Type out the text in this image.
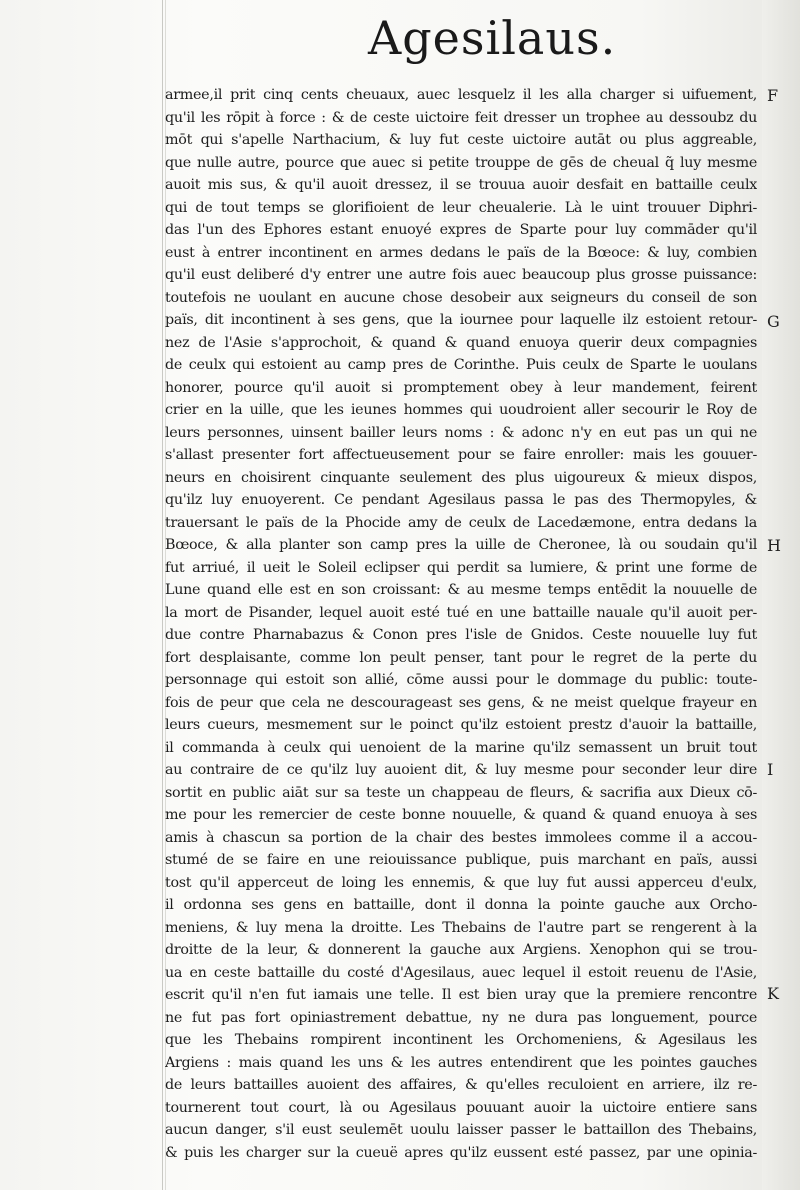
Agesilaus.
F
G
H
I
K
armee,il prit cinq cents cheuaux, auec lesquelz il les alla charger si uifuement,
qu'il les rōpit à force : & de ceste uictoire feit dresser un trophee au dessoubz du
mōt qui s'apelle Narthacium, & luy fut ceste uictoire autāt ou plus aggreable,
que nulle autre, pource que auec si petite trouppe de gēs de cheual q̃ luy mesme
auoit mis sus, & qu'il auoit dressez, il se trouua auoir desfait en battaille ceulx
qui de tout temps se glorifioient de leur cheualerie. Là le uint trouuer Diphri-
das l'un des Ephores estant enuoyé expres de Sparte pour luy commāder qu'il
eust à entrer incontinent en armes dedans le païs de la Bœoce: & luy, combien
qu'il eust deliberé d'y entrer une autre fois auec beaucoup plus grosse puissance:
toutefois ne uoulant en aucune chose desobeir aux seigneurs du conseil de son
païs, dit incontinent à ses gens, que la iournee pour laquelle ilz estoient retour-
nez de l'Asie s'approchoit, & quand & quand enuoya querir deux compagnies
de ceulx qui estoient au camp pres de Corinthe. Puis ceulx de Sparte le uoulans
honorer, pource qu'il auoit si promptement obey à leur mandement, feirent
crier en la uille, que les ieunes hommes qui uoudroient aller secourir le Roy de
leurs personnes, uinsent bailler leurs noms : & adonc n'y en eut pas un qui ne
s'allast presenter fort affectueusement pour se faire enroller: mais les gouuer-
neurs en choisirent cinquante seulement des plus uigoureux & mieux dispos,
qu'ilz luy enuoyerent. Ce pendant Agesilaus passa le pas des Thermopyles, &
trauersant le païs de la Phocide amy de ceulx de Lacedæmone, entra dedans la
Bœoce, & alla planter son camp pres la uille de Cheronee, là ou soudain qu'il
fut arriué, il ueit le Soleil eclipser qui perdit sa lumiere, & print une forme de
Lune quand elle est en son croissant: & au mesme temps entēdit la nouuelle de
la mort de Pisander, lequel auoit esté tué en une battaille nauale qu'il auoit per-
due contre Pharnabazus & Conon pres l'isle de Gnidos. Ceste nouuelle luy fut
fort desplaisante, comme lon peult penser, tant pour le regret de la perte du
personnage qui estoit son allié, cōme aussi pour le dommage du public: toute-
fois de peur que cela ne descourageast ses gens, & ne meist quelque frayeur en
leurs cueurs, mesmement sur le poinct qu'ilz estoient prestz d'auoir la battaille,
il commanda à ceulx qui uenoient de la marine qu'ilz semassent un bruit tout
au contraire de ce qu'ilz luy auoient dit, & luy mesme pour seconder leur dire
sortit en public aiāt sur sa teste un chappeau de fleurs, & sacrifia aux Dieux cō-
me pour les remercier de ceste bonne nouuelle, & quand & quand enuoya à ses
amis à chascun sa portion de la chair des bestes immolees comme il a accou-
stumé de se faire en une reiouissance publique, puis marchant en païs, aussi
tost qu'il apperceut de loing les ennemis, & que luy fut aussi apperceu d'eulx,
il ordonna ses gens en battaille, dont il donna la pointe gauche aux Orcho-
meniens, & luy mena la droitte. Les Thebains de l'autre part se rengerent à la
droitte de la leur, & donnerent la gauche aux Argiens. Xenophon qui se trou-
ua en ceste battaille du costé d'Agesilaus, auec lequel il estoit reuenu de l'Asie,
escrit qu'il n'en fut iamais une telle. Il est bien uray que la premiere rencontre
ne fut pas fort opiniastrement debattue, ny ne dura pas longuement, pource
que les Thebains rompirent incontinent les Orchomeniens, & Agesilaus les
Argiens : mais quand les uns & les autres entendirent que les pointes gauches
de leurs battailles auoient des affaires, & qu'elles reculoient en arriere, ilz re-
tournerent tout court, là ou Agesilaus pouuant auoir la uictoire entiere sans
aucun danger, s'il eust seulemēt uoulu laisser passer le battaillon des Thebains,
& puis les charger sur la cueuë apres qu'ilz eussent esté passez, par une opinia-
